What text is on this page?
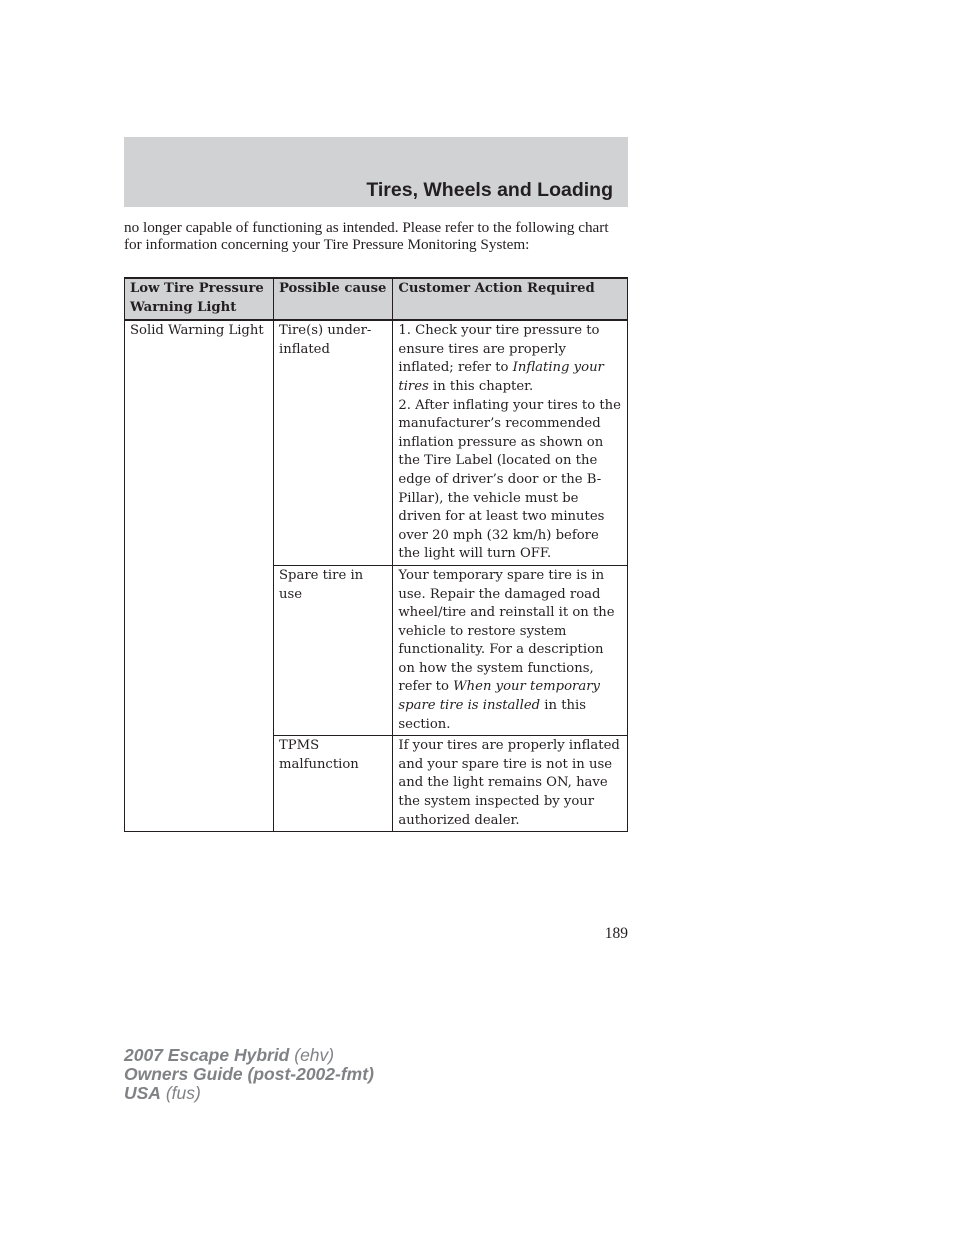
Tires, Wheels and Loading

no longer capable of functioning as intended. Please refer to the following chart for information concerning your Tire Pressure Monitoring System:

Low Tire Pressure Warning Light	Possible cause	Customer Action Required
Solid Warning Light	Tire(s) under-inflated	1. Check your tire pressure to ensure tires are properly inflated; refer to Inflating your tires in this chapter.
2. After inflating your tires to the manufacturer’s recommended inflation pressure as shown on the Tire Label (located on the edge of driver’s door or the B-Pillar), the vehicle must be driven for at least two minutes over 20 mph (32 km/h) before the light will turn OFF.
	Spare tire in use	Your temporary spare tire is in use. Repair the damaged road wheel/tire and reinstall it on the vehicle to restore system functionality. For a description on how the system functions, refer to When your temporary spare tire is installed in this section.
	TPMS malfunction	If your tires are properly inflated and your spare tire is not in use and the light remains ON, have the system inspected by your authorized dealer.
189
2007 Escape Hybrid (ehv)
Owners Guide (post-2002-fmt)
USA (fus)
